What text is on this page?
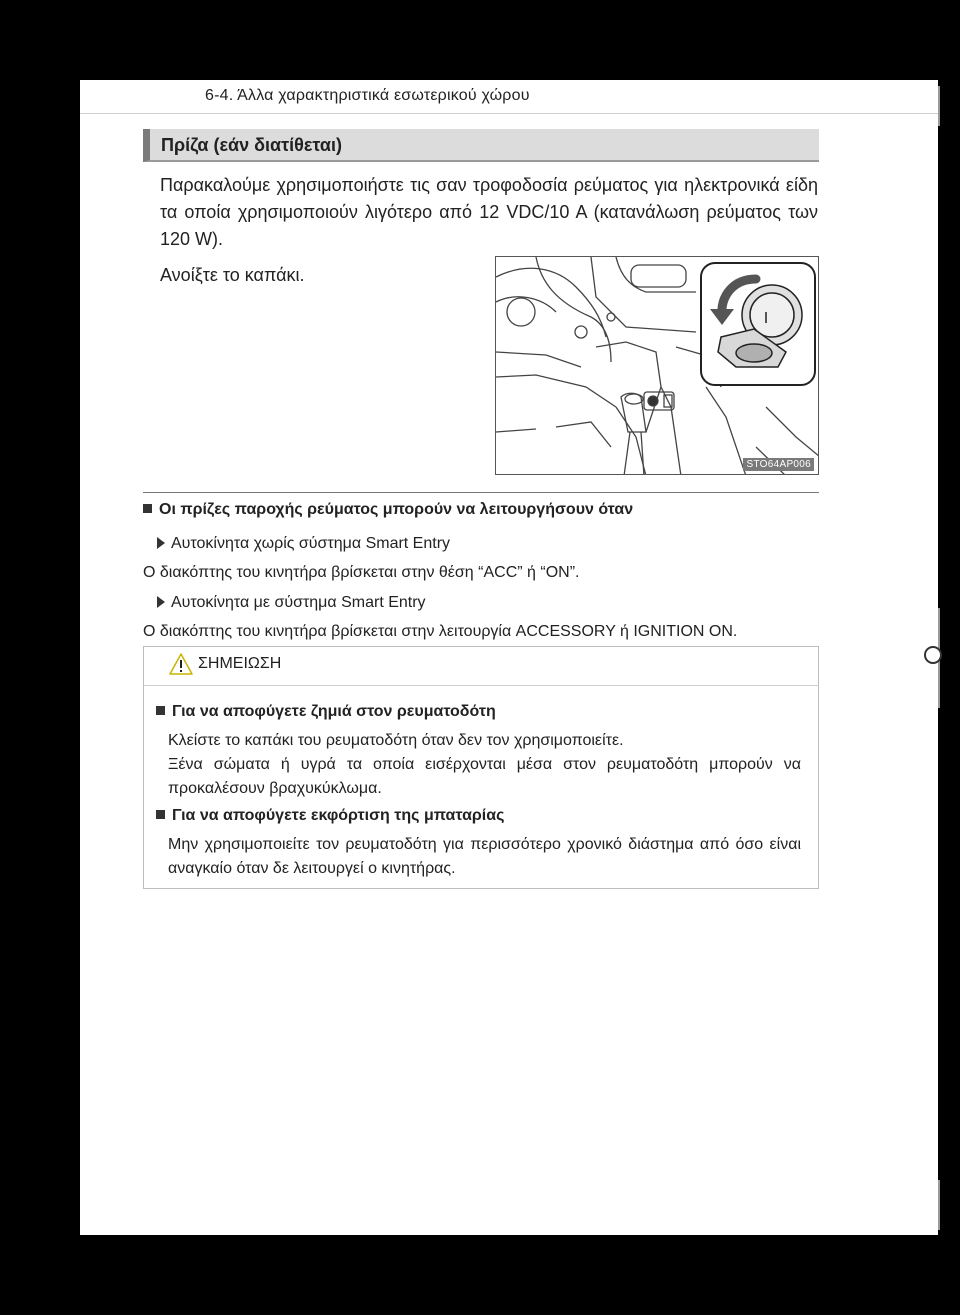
6-4. Άλλα χαρακτηριστικά εσωτερικού χώρου
Πρίζα (εάν διατίθεται)
Παρακαλούμε χρησιμοποιήστε τις σαν τροφοδοσία ρεύματος για ηλεκτρονικά είδη τα οποία χρησιμοποιούν λιγότερο από 12 VDC/10 A (κατανάλωση ρεύματος των 120 W).
Ανοίξτε το καπάκι.
STO64AP006
Οι πρίζες παροχής ρεύματος μπορούν να λειτουργήσουν όταν
Αυτοκίνητα χωρίς σύστημα Smart Entry
Ο διακόπτης του κινητήρα βρίσκεται στην θέση “ACC” ή “ON”.
Αυτοκίνητα με σύστημα Smart Entry
Ο διακόπτης του κινητήρα βρίσκεται στην λειτουργία ACCESSORY ή IGNITION ON.
ΣΗΜΕΙΩΣΗ
Για να αποφύγετε ζημιά στον ρευματοδότη
Κλείστε το καπάκι του ρευματοδότη όταν δεν τον χρησιμοποιείτε.
Ξένα σώματα ή υγρά τα οποία εισέρχονται μέσα στον ρευματοδότη μπορούν να προκαλέσουν βραχυκύκλωμα.
Για να αποφύγετε εκφόρτιση της μπαταρίας
Μην χρησιμοποιείτε τον ρευματοδότη για περισσότερο χρονικό διάστημα από όσο είναι αναγκαίο όταν δε λειτουργεί ο κινητήρας.
